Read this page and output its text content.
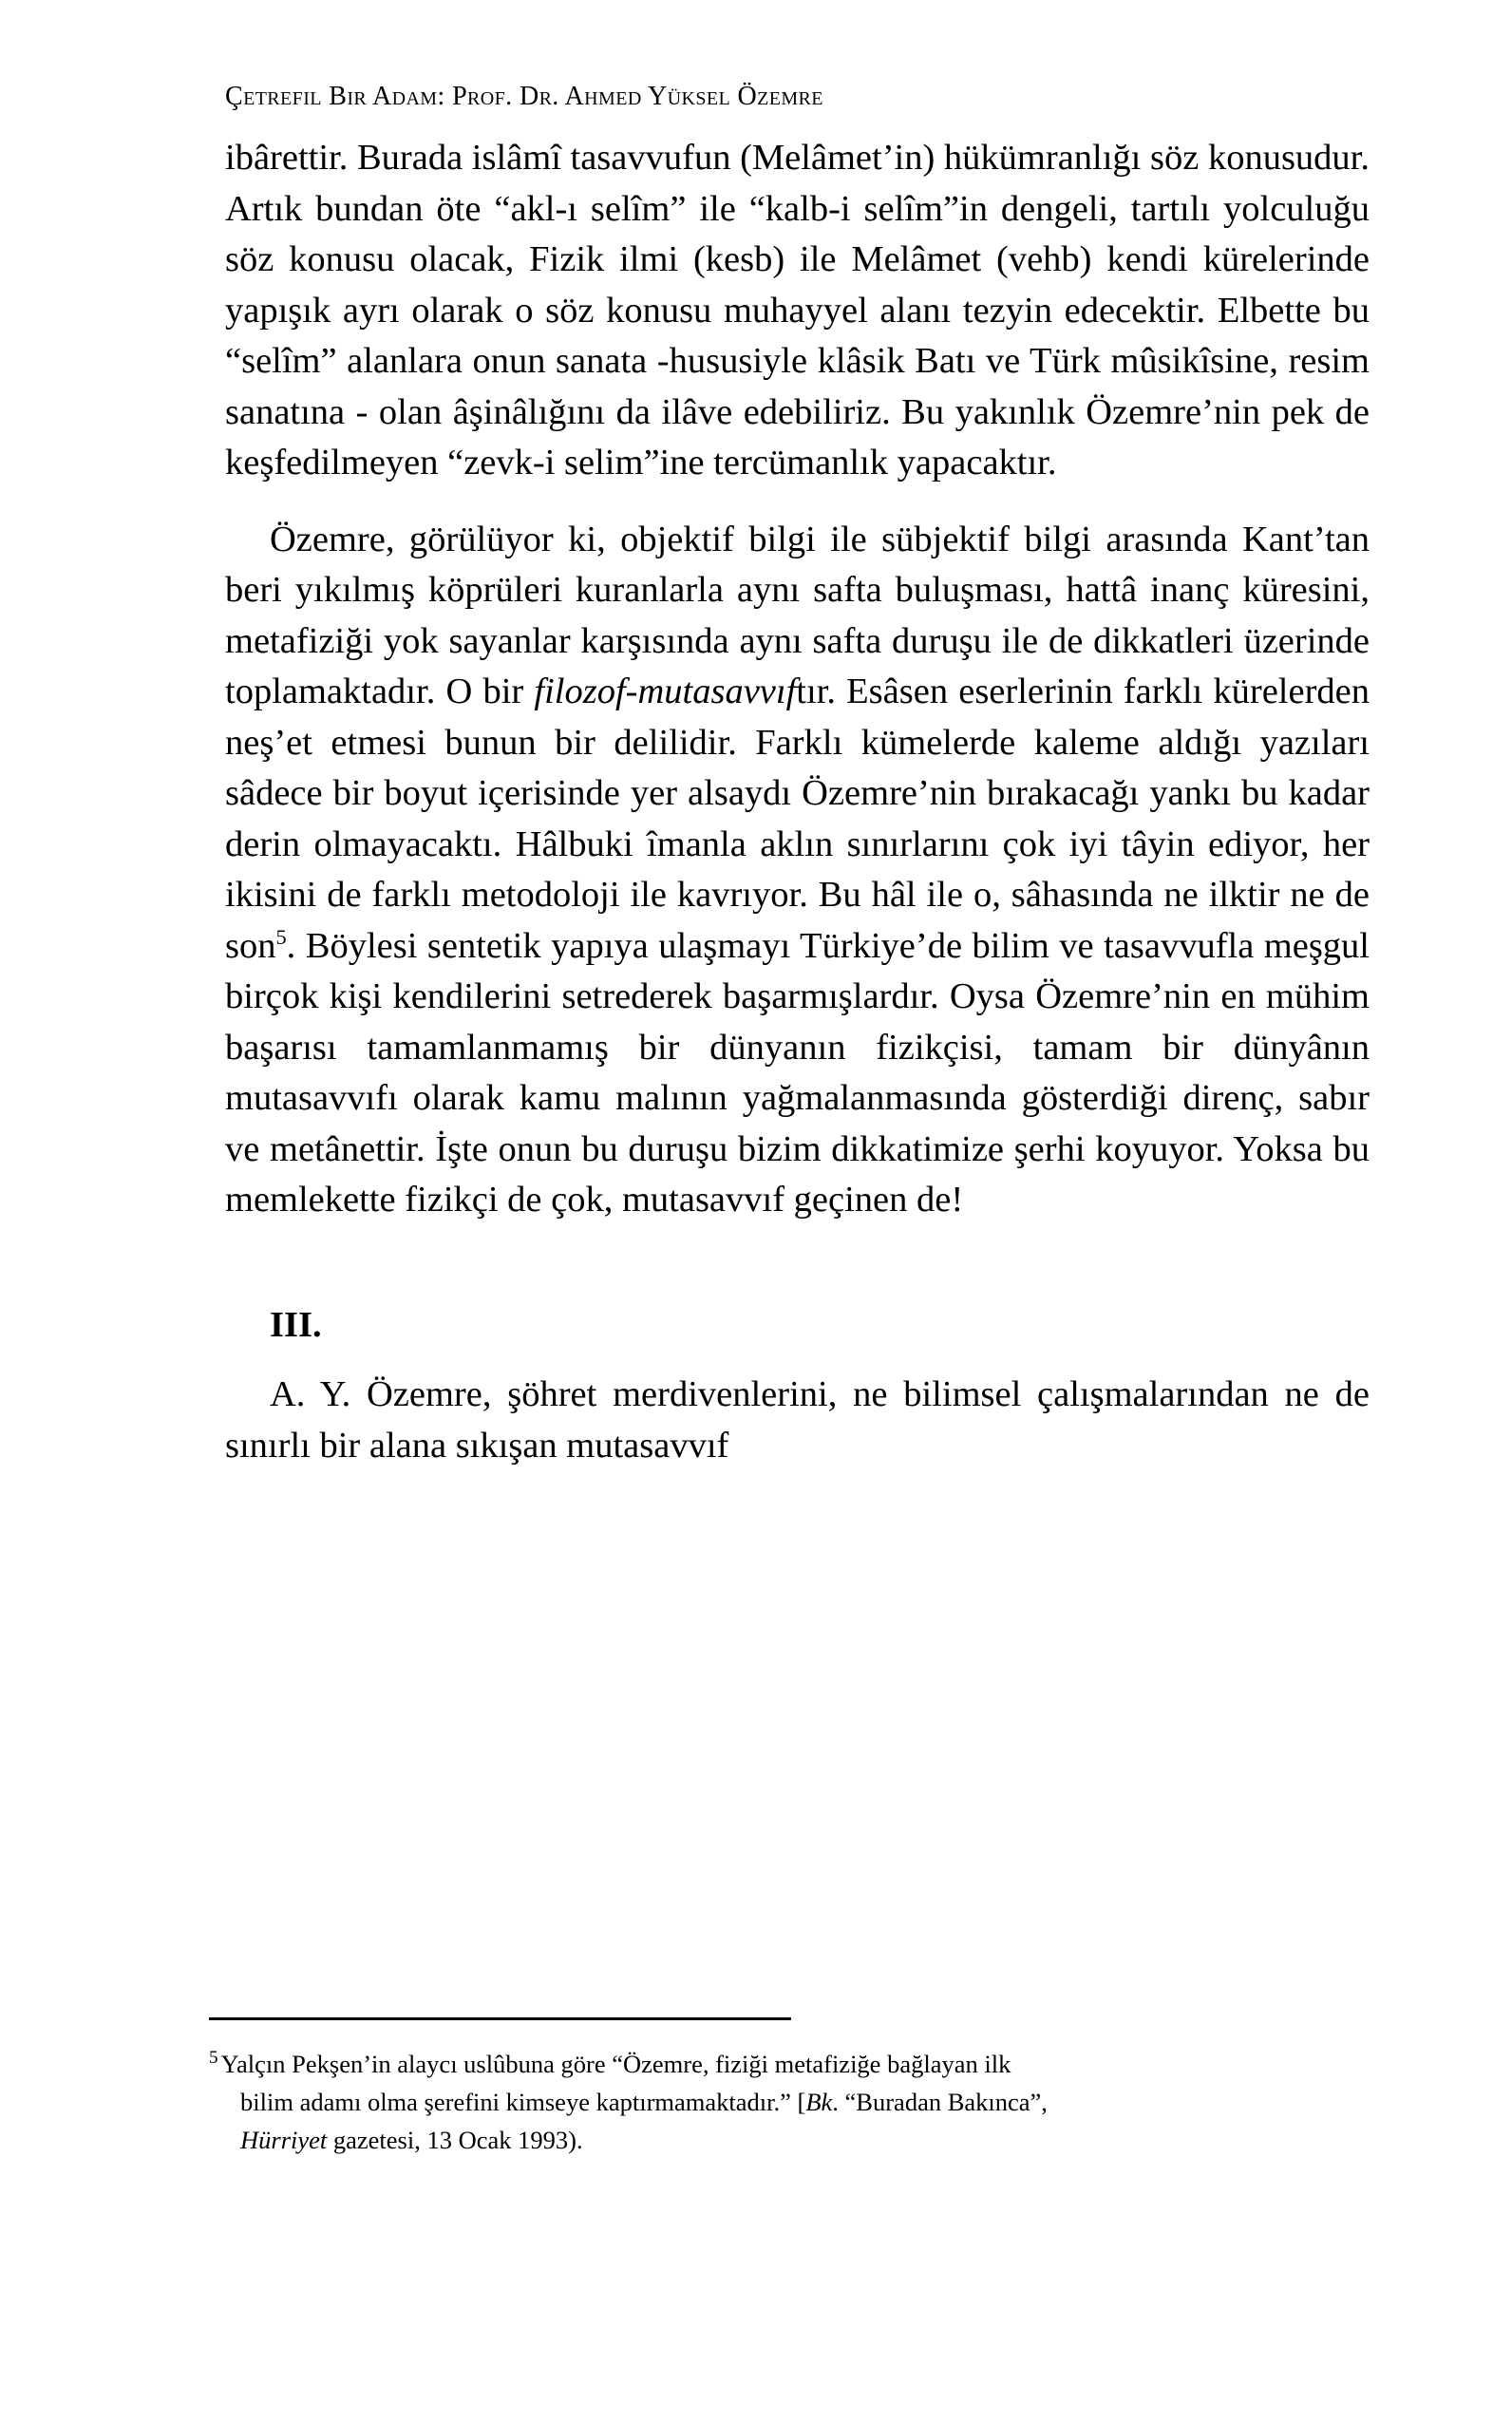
Çetrefil Bir Adam: Prof. Dr. Ahmed Yüksel Özemre

ibârettir. Burada islâmî tasavvufun (Melâmet’in) hükümranlığı söz konusudur. Artık bundan öte “akl-ı selîm” ile “kalb-i selîm”in dengeli, tartılı yolculuğu söz konusu olacak, Fizik ilmi (kesb) ile Melâmet (vehb) kendi kürelerinde yapışık ayrı olarak o söz konusu muhayyel alanı tezyin edecektir. Elbette bu “selîm” alanlara onun sanata -hususiyle klâsik Batı ve Türk mûsikîsine, resim sanatına - olan âşinâlığını da ilâve edebiliriz. Bu yakınlık Özemre’nin pek de keşfedilmeyen “zevk-i selim”ine tercümanlık yapacaktır.

Özemre, görülüyor ki, objektif bilgi ile sübjektif bilgi arasında Kant’tan beri yıkılmış köprüleri kuranlarla aynı safta buluşması, hattâ inanç küresini, metafiziği yok sayanlar karşısında aynı safta duruşu ile de dikkatleri üzerinde toplamaktadır. O bir filozof-mutasavvıftır. Esâsen eserlerinin farklı kürelerden neş’et etmesi bunun bir delilidir. Farklı kümelerde kaleme aldığı yazıları sâdece bir boyut içerisinde yer alsaydı Özemre’nin bırakacağı yankı bu kadar derin olmayacaktı. Hâlbuki îmanla aklın sınırlarını çok iyi tâyin ediyor, her ikisini de farklı metodoloji ile kavrıyor. Bu hâl ile o, sâhasında ne ilktir ne de son$^5$. Böylesi sentetik yapıya ulaşmayı Türkiye’de bilim ve tasavvufla meşgul birçok kişi kendilerini setrederek başarmışlardır. Oysa Özemre’nin en mühim başarısı tamamlanmamış bir dünyanın fizikçisi, tamam bir dünyânın mutasavvıfı olarak kamu malının yağmalanmasında gösterdiği direnç, sabır ve metânettir. İşte onun bu duruşu bizim dikkatimize şerhi koyuyor. Yoksa bu memlekette fizikçi de çok, mutasavvıf geçinen de!

III.

A. Y. Özemre, şöhret merdivenlerini, ne bilimsel çalışmalarından ne de sınırlı bir alana sıkışan mutasavvıf

$^5$ Yalçın Pekşen’in alaycı uslûbuna göre “Özemre, fiziği metafiziğe bağlayan ilk
bilim adamı olma şerefini kimseye kaptırmamaktadır.” [Bk. “Buradan Bakınca”,
Hürriyet gazetesi, 13 Ocak 1993).
